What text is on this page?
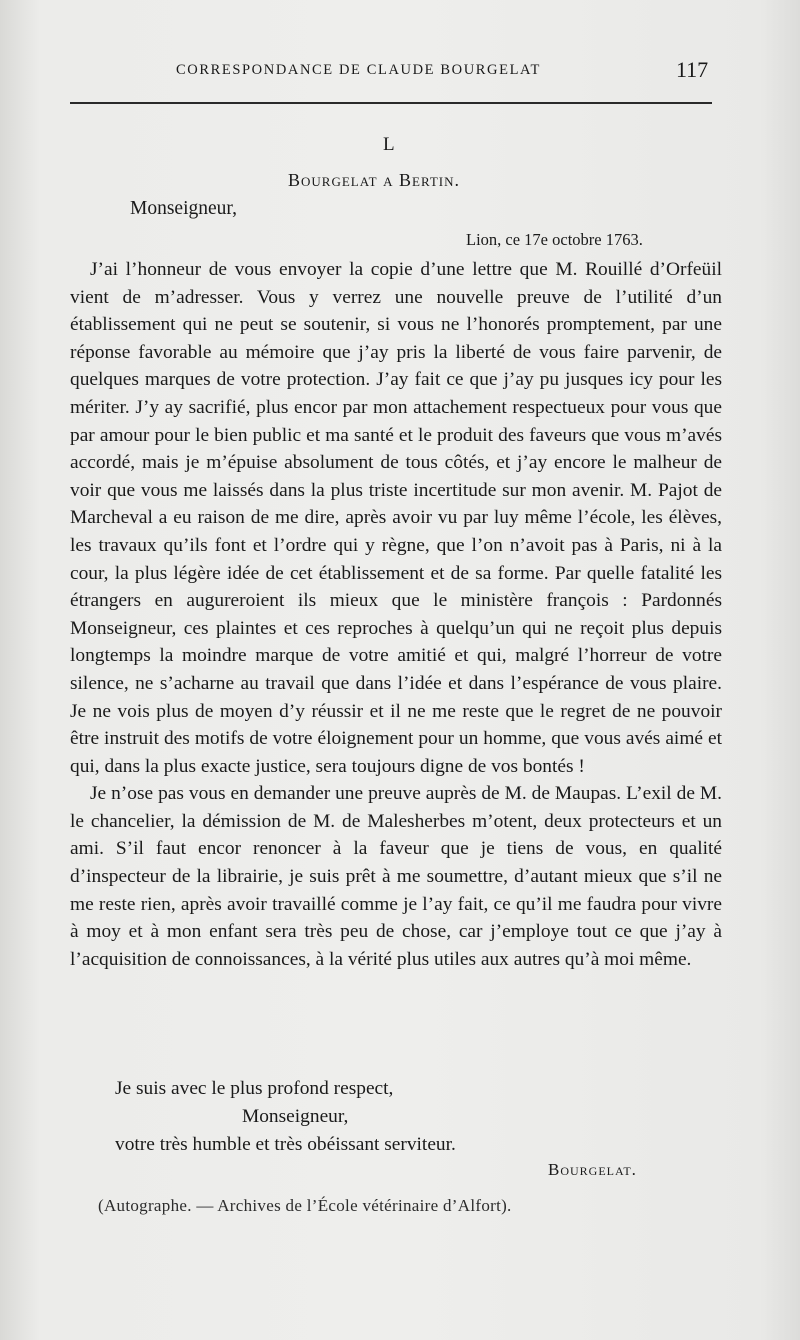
CORRESPONDANCE DE CLAUDE BOURGELAT	117
L
Bourgelat a Bertin.
Monseigneur,
Lion, ce 17e octobre 1763.

J’ai l’honneur de vous envoyer la copie d’une lettre que M. Rouillé d’Orfeüil vient de m’adresser. Vous y verrez une nouvelle preuve de l’utilité d’un établissement qui ne peut se soutenir, si vous ne l’honorés promptement, par une réponse favorable au mémoire que j’ay pris la liberté de vous faire parvenir, de quelques marques de votre protection. J’ay fait ce que j’ay pu jusques icy pour les mériter. J’y ay sacrifié, plus encor par mon attachement respectueux pour vous que par amour pour le bien public et ma santé et le produit des faveurs que vous m’avés accordé, mais je m’épuise absolument de tous côtés, et j’ay encore le malheur de voir que vous me laissés dans la plus triste incertitude sur mon avenir. M. Pajot de Marcheval a eu raison de me dire, après avoir vu par luy même l’école, les élèves, les travaux qu’ils font et l’ordre qui y règne, que l’on n’avoit pas à Paris, ni à la cour, la plus légère idée de cet établissement et de sa forme. Par quelle fatalité les étrangers en augureroient ils mieux que le ministère françois : Pardonnés Monseigneur, ces plaintes et ces reproches à quelqu’un qui ne reçoit plus depuis longtemps la moindre marque de votre amitié et qui, malgré l’horreur de votre silence, ne s’acharne au travail que dans l’idée et dans l’espérance de vous plaire. Je ne vois plus de moyen d’y réussir et il ne me reste que le regret de ne pouvoir être instruit des motifs de votre éloignement pour un homme, que vous avés aimé et qui, dans la plus exacte justice, sera toujours digne de vos bontés !

Je n’ose pas vous en demander une preuve auprès de M. de Maupas. L’exil de M. le chancelier, la démission de M. de Malesherbes m’otent, deux protecteurs et un ami. S’il faut encor renoncer à la faveur que je tiens de vous, en qualité d’inspecteur de la librairie, je suis prêt à me soumettre, d’autant mieux que s’il ne me reste rien, après avoir travaillé comme je l’ay fait, ce qu’il me faudra pour vivre à moy et à mon enfant sera très peu de chose, car j’employe tout ce que j’ay à l’acquisition de connoissances, à la vérité plus utiles aux autres qu’à moi même.

Je suis avec le plus profond respect,
Monseigneur,
votre très humble et très obéissant serviteur.
Bourgelat.
(Autographe. — Archives de l’École vétérinaire d’Alfort).
